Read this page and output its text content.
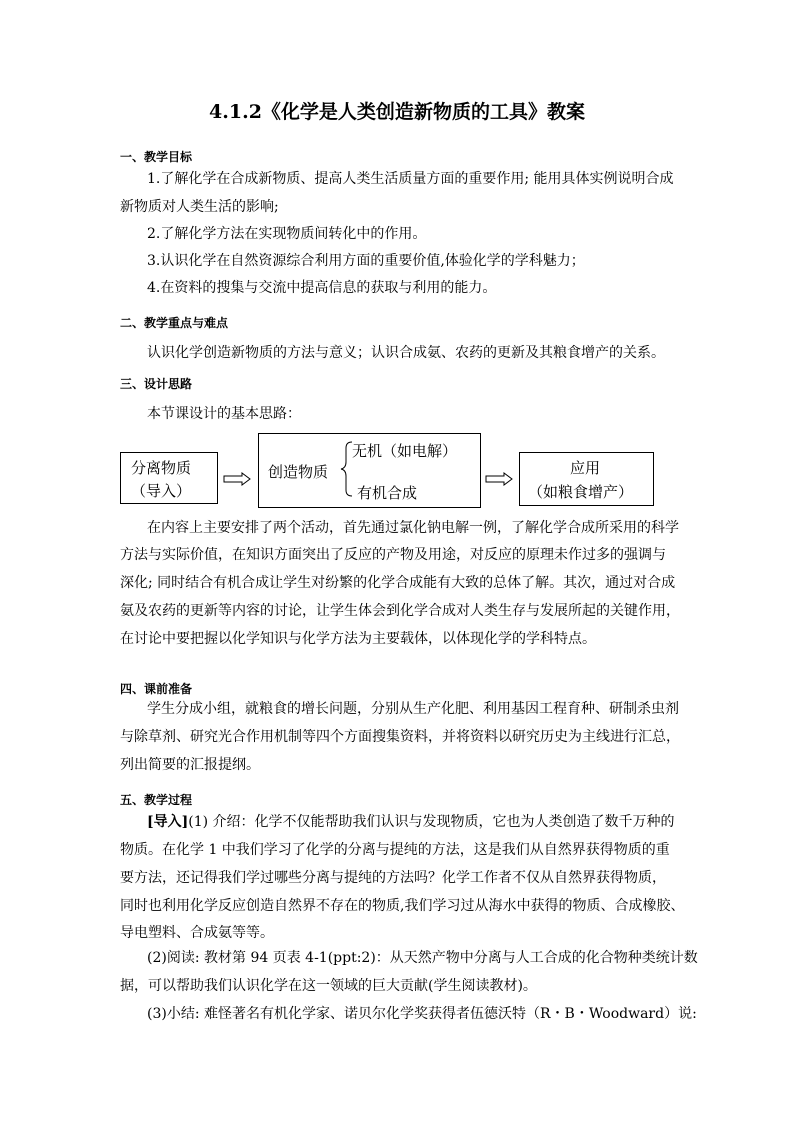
4.1.2《化学是人类创造新物质的工具》教案
一、教学目标
1.了解化学在合成新物质、提高人类生活质量方面的重要作用; 能用具体实例说明合成
新物质对人类生活的影响;
2.了解化学方法在实现物质间转化中的作用。
3.认识化学在自然资源综合利用方面的重要价值,体验化学的学科魅力；
4.在资料的搜集与交流中提高信息的获取与利用的能力。
二、教学重点与难点
认识化学创造新物质的方法与意义；认识合成氨、农药的更新及其粮食增产的关系。
三、设计思路
本节课设计的基本思路：
分离物质
（导入）
创造物质
无机（如电解）
有机合成
应用
（如粮食增产）
在内容上主要安排了两个活动，首先通过氯化钠电解一例，了解化学合成所采用的科学
方法与实际价值，在知识方面突出了反应的产物及用途，对反应的原理未作过多的强调与
深化; 同时结合有机合成让学生对纷繁的化学合成能有大致的总体了解。其次，通过对合成
氨及农药的更新等内容的讨论，让学生体会到化学合成对人类生存与发展所起的关键作用，
在讨论中要把握以化学知识与化学方法为主要载体，以体现化学的学科特点。
四、课前准备
学生分成小组，就粮食的增长问题，分别从生产化肥、利用基因工程育种、研制杀虫剂
与除草剂、研究光合作用机制等四个方面搜集资料，并将资料以研究历史为主线进行汇总，
列出简要的汇报提纲。
五、教学过程
[导入](1) 介绍：化学不仅能帮助我们认识与发现物质，它也为人类创造了数千万种的
物质。在化学 1 中我们学习了化学的分离与提纯的方法，这是我们从自然界获得物质的重
要方法，还记得我们学过哪些分离与提纯的方法吗？化学工作者不仅从自然界获得物质，
同时也利用化学反应创造自然界不存在的物质,我们学习过从海水中获得的物质、合成橡胶、
导电塑料、合成氨等等。
(2)阅读: 教材第 94 页表 4-1(ppt:2)：从天然产物中分离与人工合成的化合物种类统计数
据，可以帮助我们认识化学在这一领域的巨大贡献(学生阅读教材)。
(3)小结: 难怪著名有机化学家、诺贝尔化学奖获得者伍德沃特（R・B・Woodward）说:
